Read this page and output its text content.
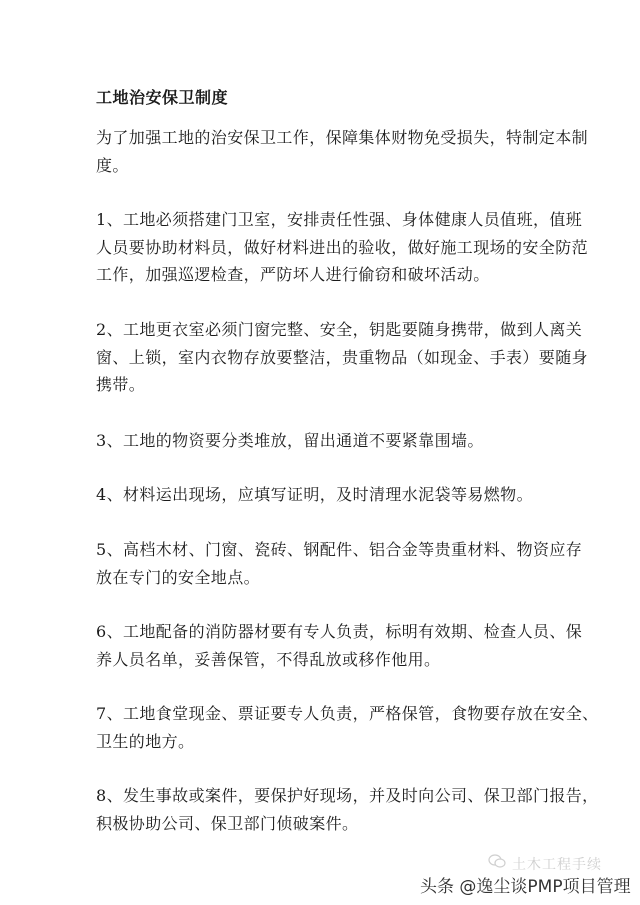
工地治安保卫制度
为了加强工地的治安保卫工作，保障集体财物免受损失，特制定本制
度。
1、工地必须搭建门卫室，安排责任性强、身体健康人员值班，值班
人员要协助材料员，做好材料进出的验收，做好施工现场的安全防范
工作，加强巡逻检查，严防坏人进行偷窃和破坏活动。
2、工地更衣室必须门窗完整、安全，钥匙要随身携带，做到人离关
窗、上锁，室内衣物存放要整洁，贵重物品（如现金、手表）要随身
携带。
3、工地的物资要分类堆放，留出通道不要紧靠围墙。
4、材料运出现场，应填写证明，及时清理水泥袋等易燃物。
5、高档木材、门窗、瓷砖、钢配件、铝合金等贵重材料、物资应存
放在专门的安全地点。
6、工地配备的消防器材要有专人负责，标明有效期、检查人员、保
养人员名单，妥善保管，不得乱放或移作他用。
7、工地食堂现金、票证要专人负责，严格保管，食物要存放在安全、
卫生的地方。
8、发生事故或案件，要保护好现场，并及时向公司、保卫部门报告，
积极协助公司、保卫部门侦破案件。
土木工程手续
头条 @逸尘谈PMP项目管理
